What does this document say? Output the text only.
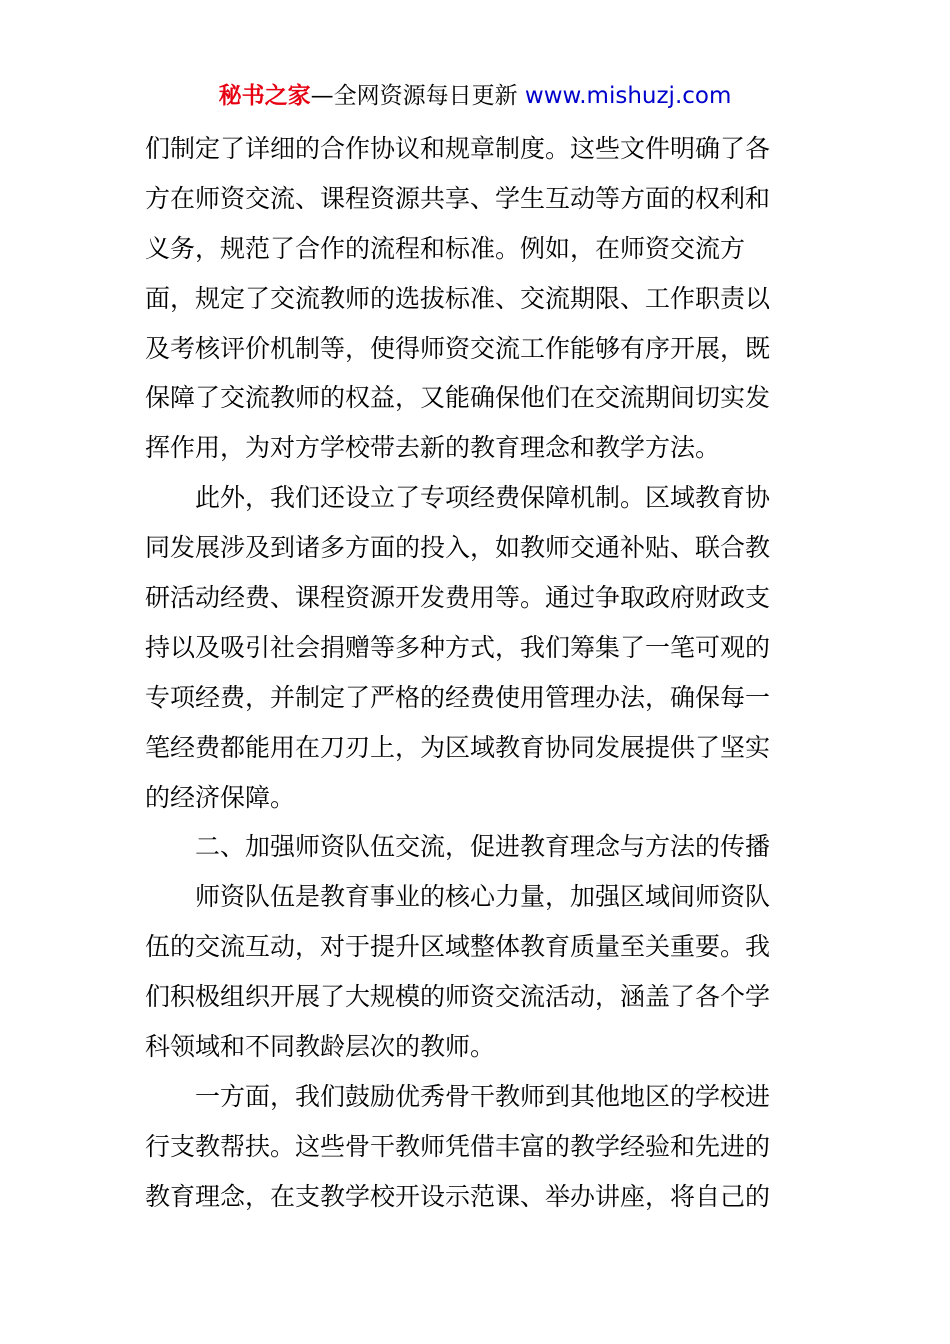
秘书之家—全网资源每日更新 www.mishuzj.com
们制定了详细的合作协议和规章制度。这些文件明确了各
方在师资交流、课程资源共享、学生互动等方面的权利和
义务，规范了合作的流程和标准。例如，在师资交流方
面，规定了交流教师的选拔标准、交流期限、工作职责以
及考核评价机制等，使得师资交流工作能够有序开展，既
保障了交流教师的权益，又能确保他们在交流期间切实发
挥作用，为对方学校带去新的教育理念和教学方法。
此外，我们还设立了专项经费保障机制。区域教育协
同发展涉及到诸多方面的投入，如教师交通补贴、联合教
研活动经费、课程资源开发费用等。通过争取政府财政支
持以及吸引社会捐赠等多种方式，我们筹集了一笔可观的
专项经费，并制定了严格的经费使用管理办法，确保每一
笔经费都能用在刀刃上，为区域教育协同发展提供了坚实
的经济保障。
二、加强师资队伍交流，促进教育理念与方法的传播
师资队伍是教育事业的核心力量，加强区域间师资队
伍的交流互动，对于提升区域整体教育质量至关重要。我
们积极组织开展了大规模的师资交流活动，涵盖了各个学
科领域和不同教龄层次的教师。
一方面，我们鼓励优秀骨干教师到其他地区的学校进
行支教帮扶。这些骨干教师凭借丰富的教学经验和先进的
教育理念，在支教学校开设示范课、举办讲座，将自己的
